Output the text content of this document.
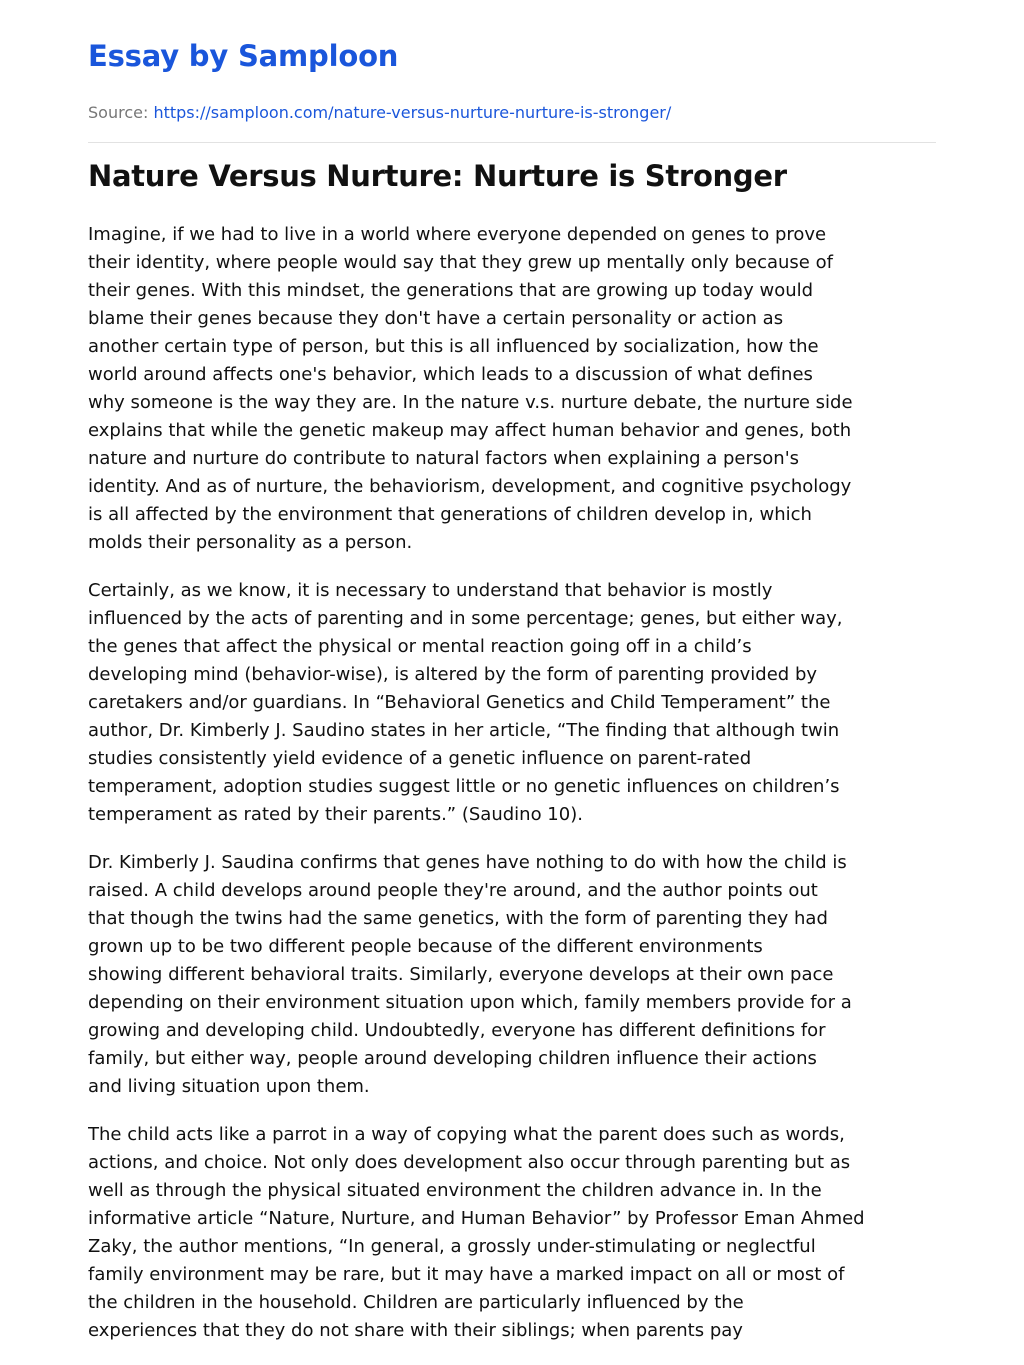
Essay by Samploon
Source: https://samploon.com/nature-versus-nurture-nurture-is-stronger/
Nature Versus Nurture: Nurture is Stronger
Imagine, if we had to live in a world where everyone depended on genes to prove
their identity, where people would say that they grew up mentally only because of
their genes. With this mindset, the generations that are growing up today would
blame their genes because they don't have a certain personality or action as
another certain type of person, but this is all influenced by socialization, how the
world around affects one's behavior, which leads to a discussion of what defines
why someone is the way they are. In the nature v.s. nurture debate, the nurture side
explains that while the genetic makeup may affect human behavior and genes, both
nature and nurture do contribute to natural factors when explaining a person's
identity. And as of nurture, the behaviorism, development, and cognitive psychology
is all affected by the environment that generations of children develop in, which
molds their personality as a person.
Certainly, as we know, it is necessary to understand that behavior is mostly
influenced by the acts of parenting and in some percentage; genes, but either way,
the genes that affect the physical or mental reaction going off in a child’s
developing mind (behavior-wise), is altered by the form of parenting provided by
caretakers and/or guardians. In “Behavioral Genetics and Child Temperament” the
author, Dr. Kimberly J. Saudino states in her article, “The finding that although twin
studies consistently yield evidence of a genetic influence on parent-rated
temperament, adoption studies suggest little or no genetic influences on children’s
temperament as rated by their parents.” (Saudino 10).
Dr. Kimberly J. Saudina confirms that genes have nothing to do with how the child is
raised. A child develops around people they're around, and the author points out
that though the twins had the same genetics, with the form of parenting they had
grown up to be two different people because of the different environments
showing different behavioral traits. Similarly, everyone develops at their own pace
depending on their environment situation upon which, family members provide for a
growing and developing child. Undoubtedly, everyone has different definitions for
family, but either way, people around developing children influence their actions
and living situation upon them.
The child acts like a parrot in a way of copying what the parent does such as words,
actions, and choice. Not only does development also occur through parenting but as
well as through the physical situated environment the children advance in. In the
informative article “Nature, Nurture, and Human Behavior” by Professor Eman Ahmed
Zaky, the author mentions, “In general, a grossly under-stimulating or neglectful
family environment may be rare, but it may have a marked impact on all or most of
the children in the household. Children are particularly influenced by the
experiences that they do not share with their siblings; when parents pay
